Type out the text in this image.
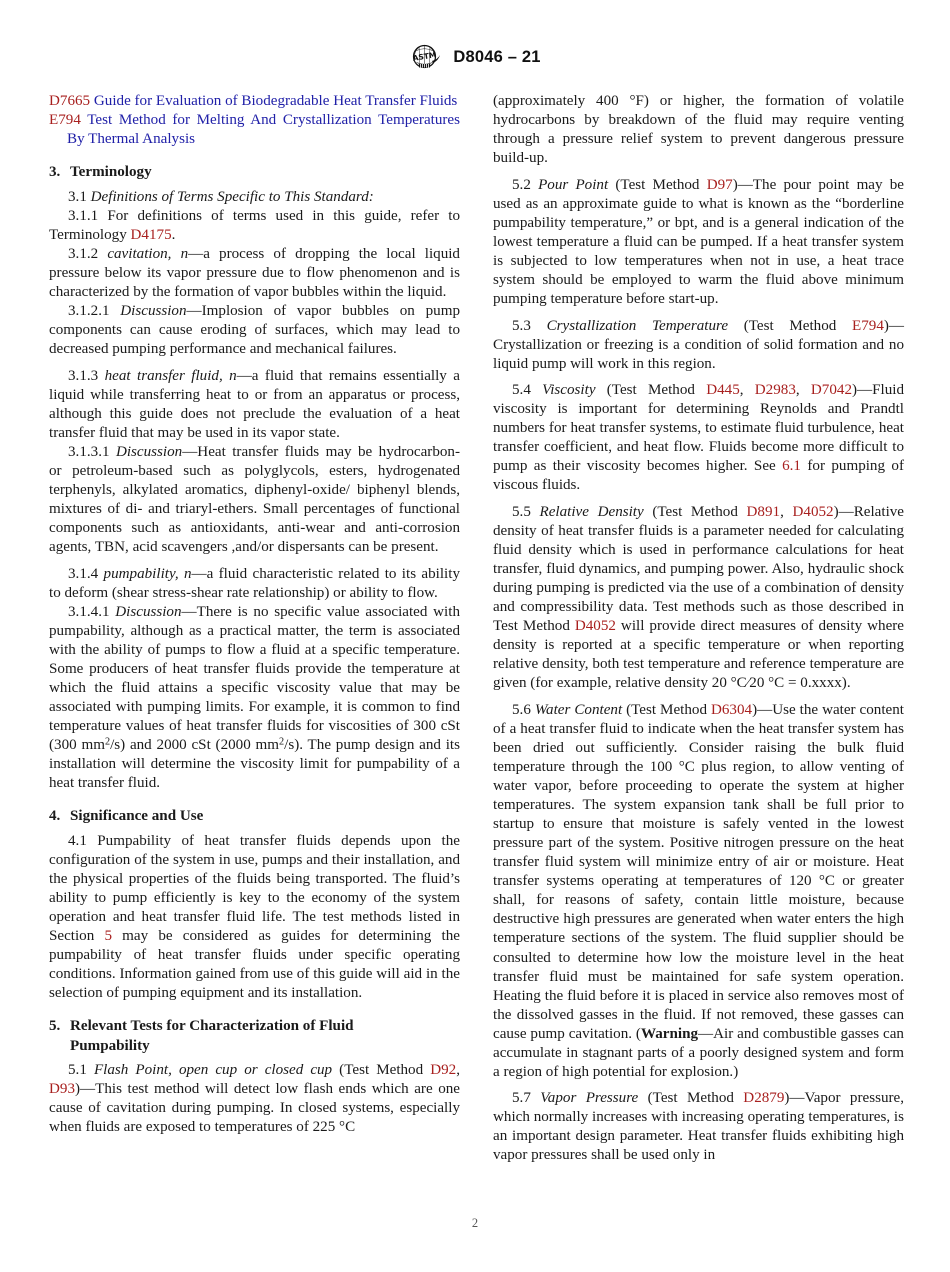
ASTM D8046 – 21

D7665 Guide for Evaluation of Biodegradable Heat Transfer Fluids

E794 Test Method for Melting And Crystallization Temperatures By Thermal Analysis

3. Terminology

3.1 Definitions of Terms Specific to This Standard:

3.1.1 For definitions of terms used in this guide, refer to Terminology D4175.

3.1.2 cavitation, n—a process of dropping the local liquid pressure below its vapor pressure due to flow phenomenon and is characterized by the formation of vapor bubbles within the liquid.

3.1.2.1 Discussion—Implosion of vapor bubbles on pump components can cause eroding of surfaces, which may lead to decreased pumping performance and mechanical failures.

3.1.3 heat transfer fluid, n—a fluid that remains essentially a liquid while transferring heat to or from an apparatus or process, although this guide does not preclude the evaluation of a heat transfer fluid that may be used in its vapor state.

3.1.3.1 Discussion—Heat transfer fluids may be hydrocarbon- or petroleum-based such as polyglycols, esters, hydrogenated terphenyls, alkylated aromatics, diphenyl-oxide/ biphenyl blends, mixtures of di- and triaryl-ethers. Small percentages of functional components such as antioxidants, anti-wear and anti-corrosion agents, TBN, acid scavengers ,and/or dispersants can be present.

3.1.4 pumpability, n—a fluid characteristic related to its ability to deform (shear stress-shear rate relationship) or ability to flow.

3.1.4.1 Discussion—There is no specific value associated with pumpability, although as a practical matter, the term is associated with the ability of pumps to flow a fluid at a specific temperature. Some producers of heat transfer fluids provide the temperature at which the fluid attains a specific viscosity value that may be associated with pumping limits. For example, it is common to find temperature values of heat transfer fluids for viscosities of 300 cSt (300 $mm^2/s$) and 2000 cSt (2000 $mm^2/s$). The pump design and its installation will determine the viscosity limit for pumpability of a heat transfer fluid.

4. Significance and Use

4.1 Pumpability of heat transfer fluids depends upon the configuration of the system in use, pumps and their installation, and the physical properties of the fluids being transported. The fluid’s ability to pump efficiently is key to the economy of the system operation and heat transfer fluid life. The test methods listed in Section 5 may be considered as guides for determining the pumpability of heat transfer fluids under specific operating conditions. Information gained from use of this guide will aid in the selection of pumping equipment and its installation.

5. Relevant Tests for Characterization of Fluid
Pumpability

5.1 Flash Point, open cup or closed cup (Test Method D92, D93)—This test method will detect low flash ends which are one cause of cavitation during pumping. In closed systems, especially when fluids are exposed to temperatures of 225 °C

(approximately 400 °F) or higher, the formation of volatile hydrocarbons by breakdown of the fluid may require venting through a pressure relief system to prevent dangerous pressure build-up.

5.2 Pour Point (Test Method D97)—The pour point may be used as an approximate guide to what is known as the “borderline pumpability temperature,” or bpt, and is a general indication of the lowest temperature a fluid can be pumped. If a heat transfer system is subjected to low temperatures when not in use, a heat trace system should be employed to warm the fluid above minimum pumping temperature before start-up.

5.3 Crystallization Temperature (Test Method E794)—Crystallization or freezing is a condition of solid formation and no liquid pump will work in this region.

5.4 Viscosity (Test Method D445, D2983, D7042)—Fluid viscosity is important for determining Reynolds and Prandtl numbers for heat transfer systems, to estimate fluid turbulence, heat transfer coefficient, and heat flow. Fluids become more difficult to pump as their viscosity becomes higher. See 6.1 for pumping of viscous fluids.

5.5 Relative Density (Test Method D891, D4052)—Relative density of heat transfer fluids is a parameter needed for calculating fluid density which is used in performance calculations for heat transfer, fluid dynamics, and pumping power. Also, hydraulic shock during pumping is predicted via the use of a combination of density and compressibility data. Test methods such as those described in Test Method D4052 will provide direct measures of density where density is reported at a specific temperature or when reporting relative density, both test temperature and reference temperature are given (for example, relative density 20 °C⁄20 °C = 0.xxxx).

5.6 Water Content (Test Method D6304)—Use the water content of a heat transfer fluid to indicate when the heat transfer system has been dried out sufficiently. Consider raising the bulk fluid temperature through the 100 °C plus region, to allow venting of water vapor, before proceeding to operate the system at higher temperatures. The system expansion tank shall be full prior to startup to ensure that moisture is safely vented in the lowest pressure part of the system. Positive nitrogen pressure on the heat transfer fluid system will minimize entry of air or moisture. Heat transfer systems operating at temperatures of 120 °C or greater shall, for reasons of safety, contain little moisture, because destructive high pressures are generated when water enters the high temperature sections of the system. The fluid supplier should be consulted to determine how low the moisture level in the heat transfer fluid must be maintained for safe system operation. Heating the fluid before it is placed in service also removes most of the dissolved gasses in the fluid. If not removed, these gasses can cause pump cavitation. (Warning—Air and combustible gasses can accumulate in stagnant parts of a poorly designed system and form a region of high potential for explosion.)

5.7 Vapor Pressure (Test Method D2879)—Vapor pressure, which normally increases with increasing operating temperatures, is an important design parameter. Heat transfer fluids exhibiting high vapor pressures shall be used only in

2
